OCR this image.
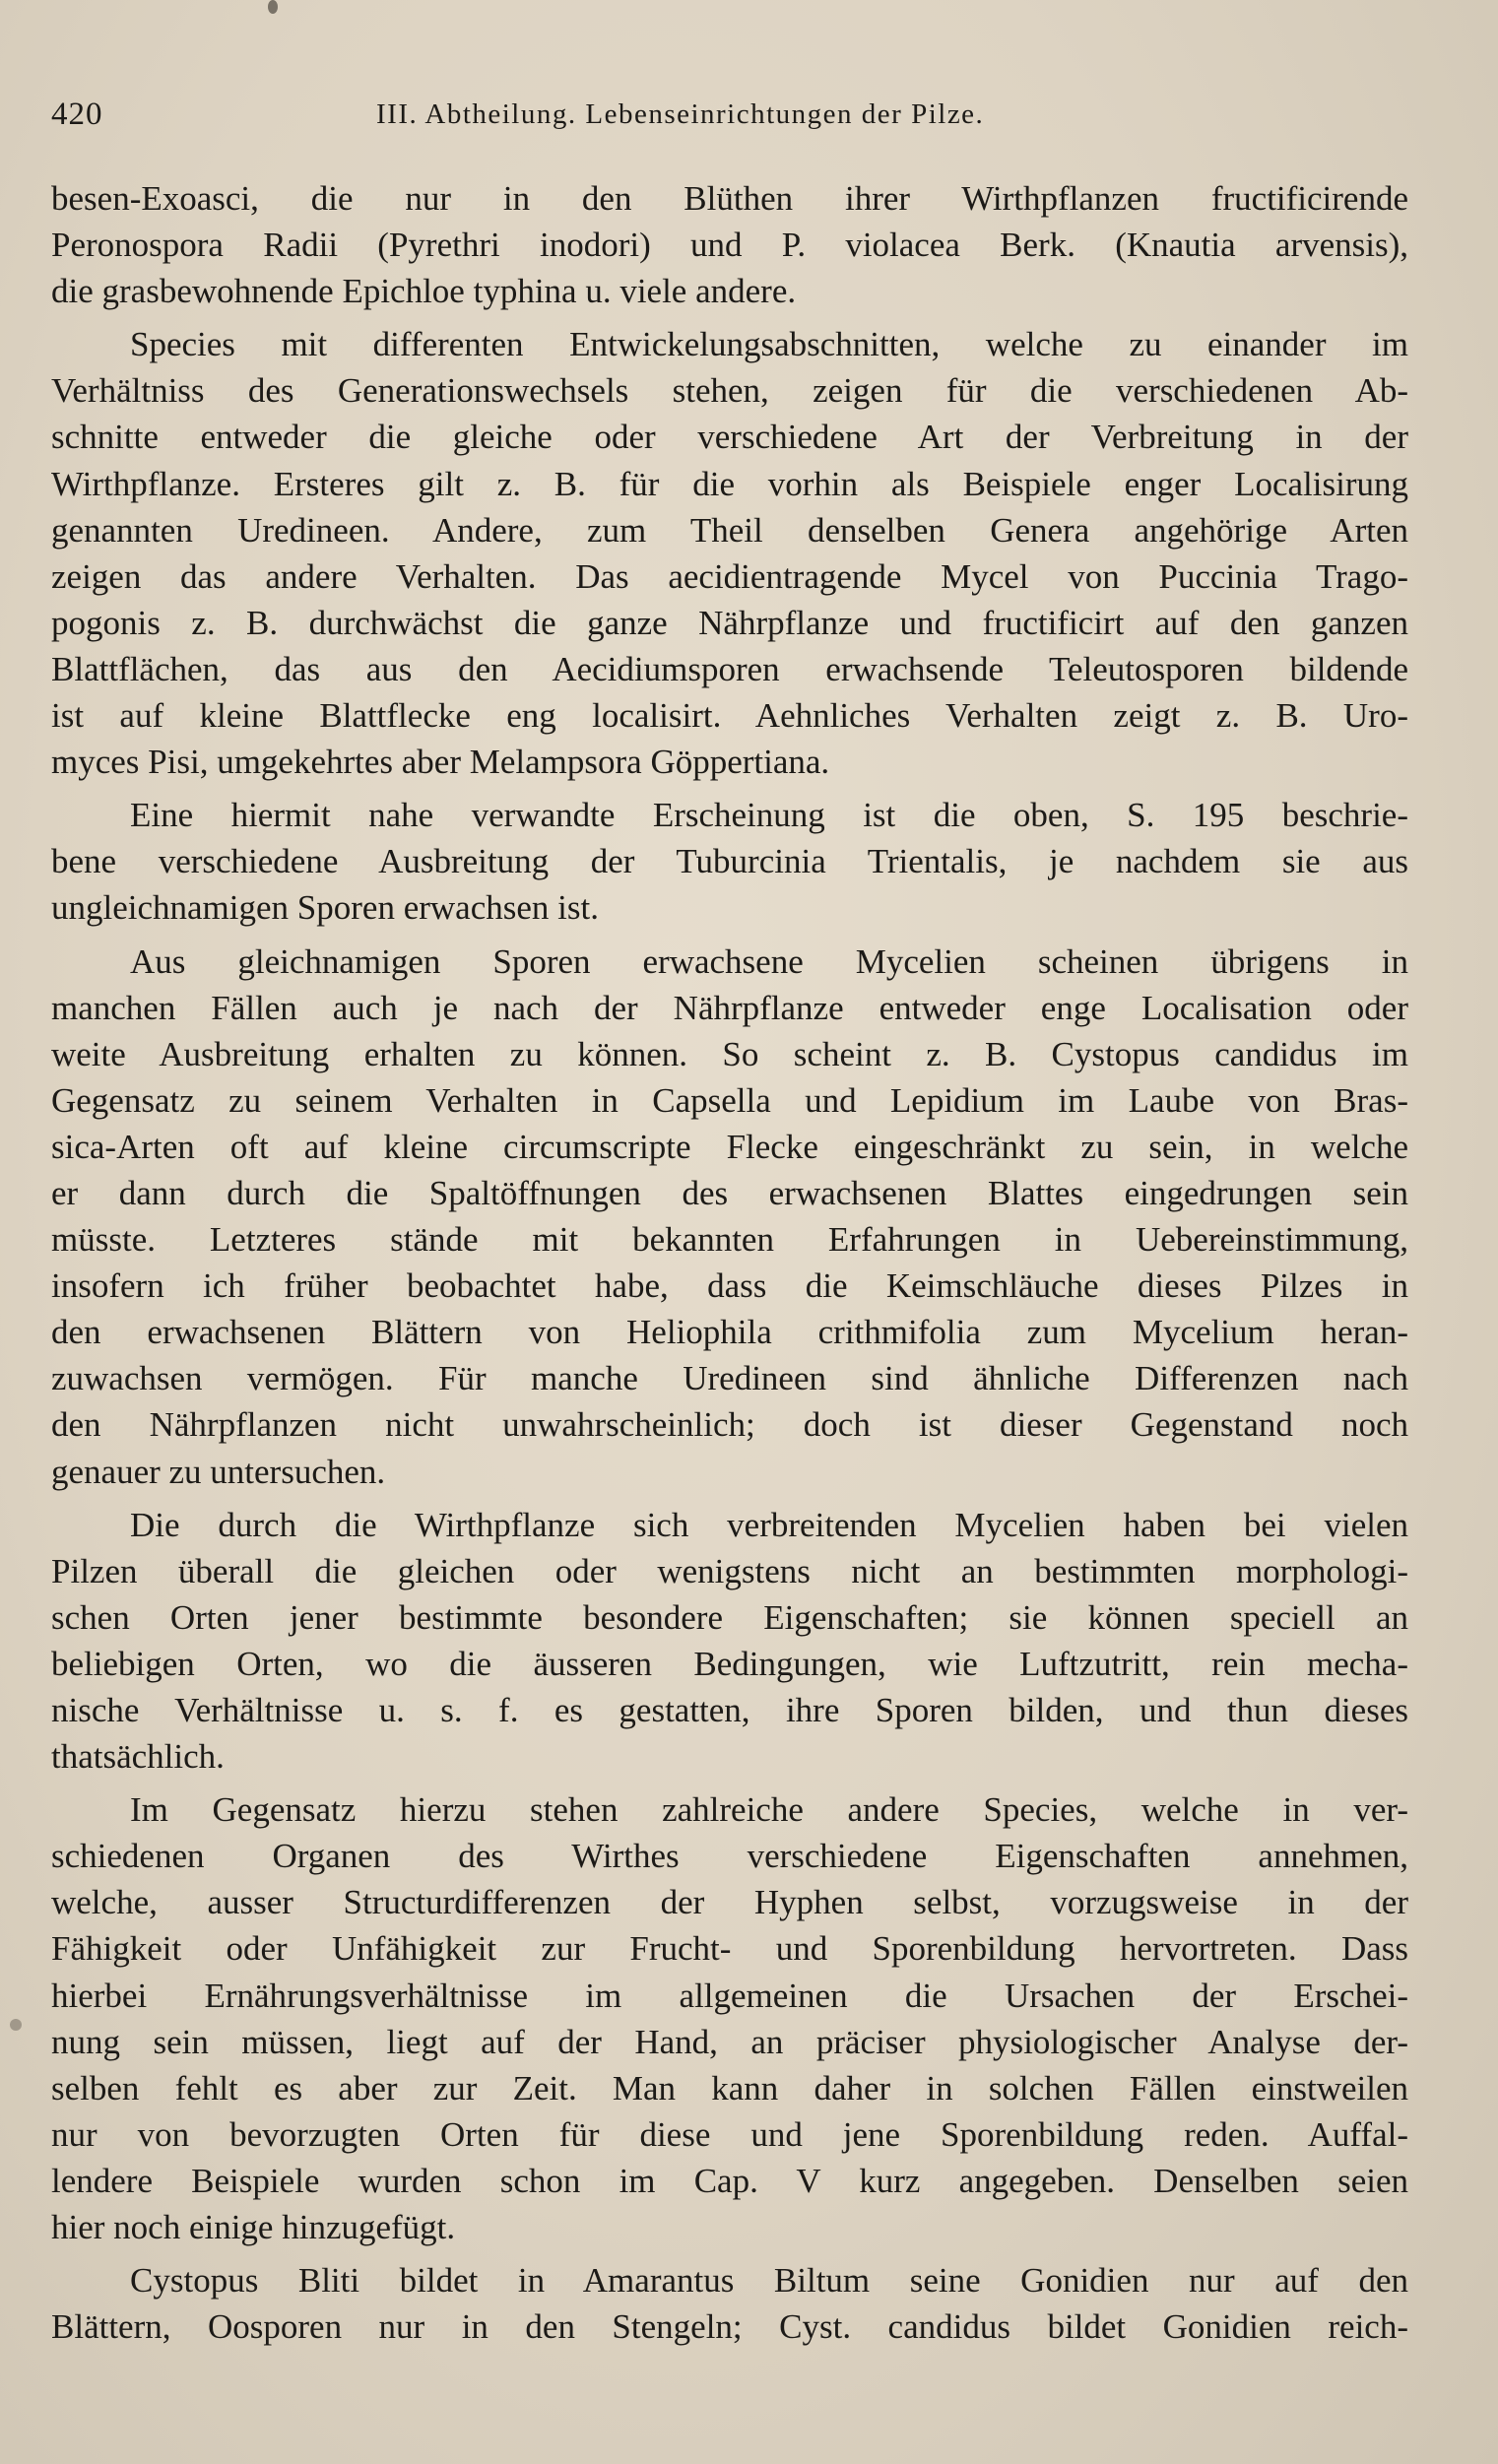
420	III. Abtheilung. Lebenseinrichtungen der Pilze.
besen-Exoasci, die nur in den Blüthen ihrer Wirthpflanzen fructificirende
Peronospora Radii (Pyrethri inodori) und P. violacea Berk. (Knautia arvensis),
die grasbewohnende Epichloe typhina u. viele andere.
Species mit differenten Entwickelungsabschnitten, welche zu einander im
Verhältniss des Generationswechsels stehen, zeigen für die verschiedenen Ab-
schnitte entweder die gleiche oder verschiedene Art der Verbreitung in der
Wirthpflanze. Ersteres gilt z. B. für die vorhin als Beispiele enger Localisirung
genannten Uredineen. Andere, zum Theil denselben Genera angehörige Arten
zeigen das andere Verhalten. Das aecidientragende Mycel von Puccinia Trago-
pogonis z. B. durchwächst die ganze Nährpflanze und fructificirt auf den ganzen
Blattflächen, das aus den Aecidiumsporen erwachsende Teleutosporen bildende
ist auf kleine Blattflecke eng localisirt. Aehnliches Verhalten zeigt z. B. Uro-
myces Pisi, umgekehrtes aber Melampsora Göppertiana.
Eine hiermit nahe verwandte Erscheinung ist die oben, S. 195 beschrie-
bene verschiedene Ausbreitung der Tuburcinia Trientalis, je nachdem sie aus
ungleichnamigen Sporen erwachsen ist.
Aus gleichnamigen Sporen erwachsene Mycelien scheinen übrigens in
manchen Fällen auch je nach der Nährpflanze entweder enge Localisation oder
weite Ausbreitung erhalten zu können. So scheint z. B. Cystopus candidus im
Gegensatz zu seinem Verhalten in Capsella und Lepidium im Laube von Bras-
sica-Arten oft auf kleine circumscripte Flecke eingeschränkt zu sein, in welche
er dann durch die Spaltöffnungen des erwachsenen Blattes eingedrungen sein
müsste. Letzteres stände mit bekannten Erfahrungen in Uebereinstimmung,
insofern ich früher beobachtet habe, dass die Keimschläuche dieses Pilzes in
den erwachsenen Blättern von Heliophila crithmifolia zum Mycelium heran-
zuwachsen vermögen. Für manche Uredineen sind ähnliche Differenzen nach
den Nährpflanzen nicht unwahrscheinlich; doch ist dieser Gegenstand noch
genauer zu untersuchen.
Die durch die Wirthpflanze sich verbreitenden Mycelien haben bei vielen
Pilzen überall die gleichen oder wenigstens nicht an bestimmten morphologi-
schen Orten jener bestimmte besondere Eigenschaften; sie können speciell an
beliebigen Orten, wo die äusseren Bedingungen, wie Luftzutritt, rein mecha-
nische Verhältnisse u. s. f. es gestatten, ihre Sporen bilden, und thun dieses
thatsächlich.
Im Gegensatz hierzu stehen zahlreiche andere Species, welche in ver-
schiedenen Organen des Wirthes verschiedene Eigenschaften annehmen,
welche, ausser Structurdifferenzen der Hyphen selbst, vorzugsweise in der
Fähigkeit oder Unfähigkeit zur Frucht- und Sporenbildung hervortreten. Dass
hierbei Ernährungsverhältnisse im allgemeinen die Ursachen der Erschei-
nung sein müssen, liegt auf der Hand, an präciser physiologischer Analyse der-
selben fehlt es aber zur Zeit. Man kann daher in solchen Fällen einstweilen
nur von bevorzugten Orten für diese und jene Sporenbildung reden. Auffal-
lendere Beispiele wurden schon im Cap. V kurz angegeben. Denselben seien
hier noch einige hinzugefügt.
Cystopus Bliti bildet in Amarantus Biltum seine Gonidien nur auf den
Blättern, Oosporen nur in den Stengeln; Cyst. candidus bildet Gonidien reich-
